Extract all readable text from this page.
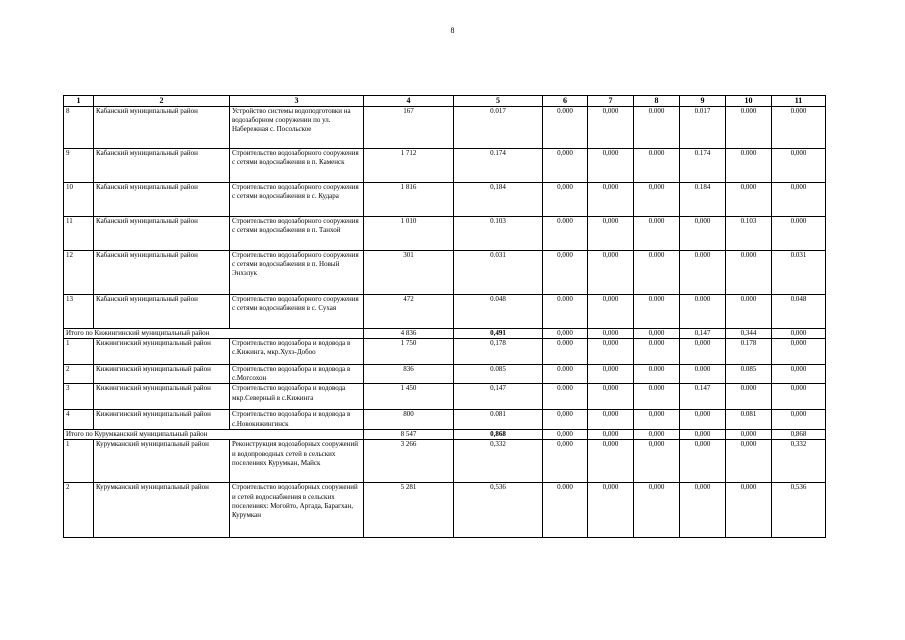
8
1	2	3	4	5	6	7	8	9	10	11
8	Кабанский муниципальный район	Устройство системы водоподготовки на водозаборном сооружении по ул. Набережная с. Посольское	167	0.017	0.000	0,000	0.000	0.017	0.000	0.000
9	Кабанский муниципальный район	Строительство водозаборного сооружения с сетями водоснабжения в п. Каменск	1 712	0.174	0,000	0,000	0.000	0.174	0.000	0,000
10	Кабанский муниципальный район	Строительство водозаборного сооружения с сетями водоснабжения в с. Кудара	1 816	0,184	0,000	0,000	0,000	0.184	0,000	0,000
11	Кабанский муниципальный район	Строительство водозаборного сооружения с сетями водоснабжения в п. Танхой	1 010	0.103	0.000	0,000	0.000	0,000	0.103	0.000
12	Кабанский муниципальный район	Строительство водозаборного сооружения с сетями водоснабжения в п. Новый Энхэлук	301	0.031	0,000	0,000	0.000	0.000	0.000	0.031
13	Кабанский муниципальный район	Строительство водозаборного сооружения с сетями водоснабжения в с. Сухая	472	0.048	0.000	0,000	0.000	0.000	0.000	0.048
Итого по Кижингинский муниципальный район			4 836	0,491	0,000	0,000	0,000	0,147	0,344	0,000
1	Кижингинский муниципальный район	Строительство водозабора и водовода в с.Кижинга, мкр.Хухэ-Добоо	1 750	0,178	0.000	0,000	0.000	0,000	0.178	0,000
2	Кижингинский муниципальный район	Строительство водозабора и водовода в с.Могсохон	836	0.085	0.000	0,000	0.000	0.000	0.085	0,000
3	Кижингинский муниципальный район	Строительство водозабора и водовода мкр.Северный в с.Кижинга	1 450	0,147	0.000	0,000	0.000	0.147	0.000	0,000
4	Кижингинский муниципальный район	Строительство водозабора и водовода в с.Новокижингинск	800	0.081	0,000	0,000	0,000	0,000	0.081	0,000
Итого по Курумканский муниципальный район			8 547	0,868	0,000	0,000	0,000	0,000	0,000	0,868
1	Курумканский муниципальный район	Реконструкция водозаборных сооружений и водопроводных сетей в сельских поселениях Курумкан, Майск	3 266	0,332	0,000	0,000	0,000	0,000	0,000	0,332
2	Курумканский муниципальный район	Строительство водозаборных сооружений и сетей водоснабжения в сельских поселениях: Могойто, Аргада, Барагхан, Курумкан	5 281	0,536	0.000	0,000	0,000	0,000	0,000	0,536
